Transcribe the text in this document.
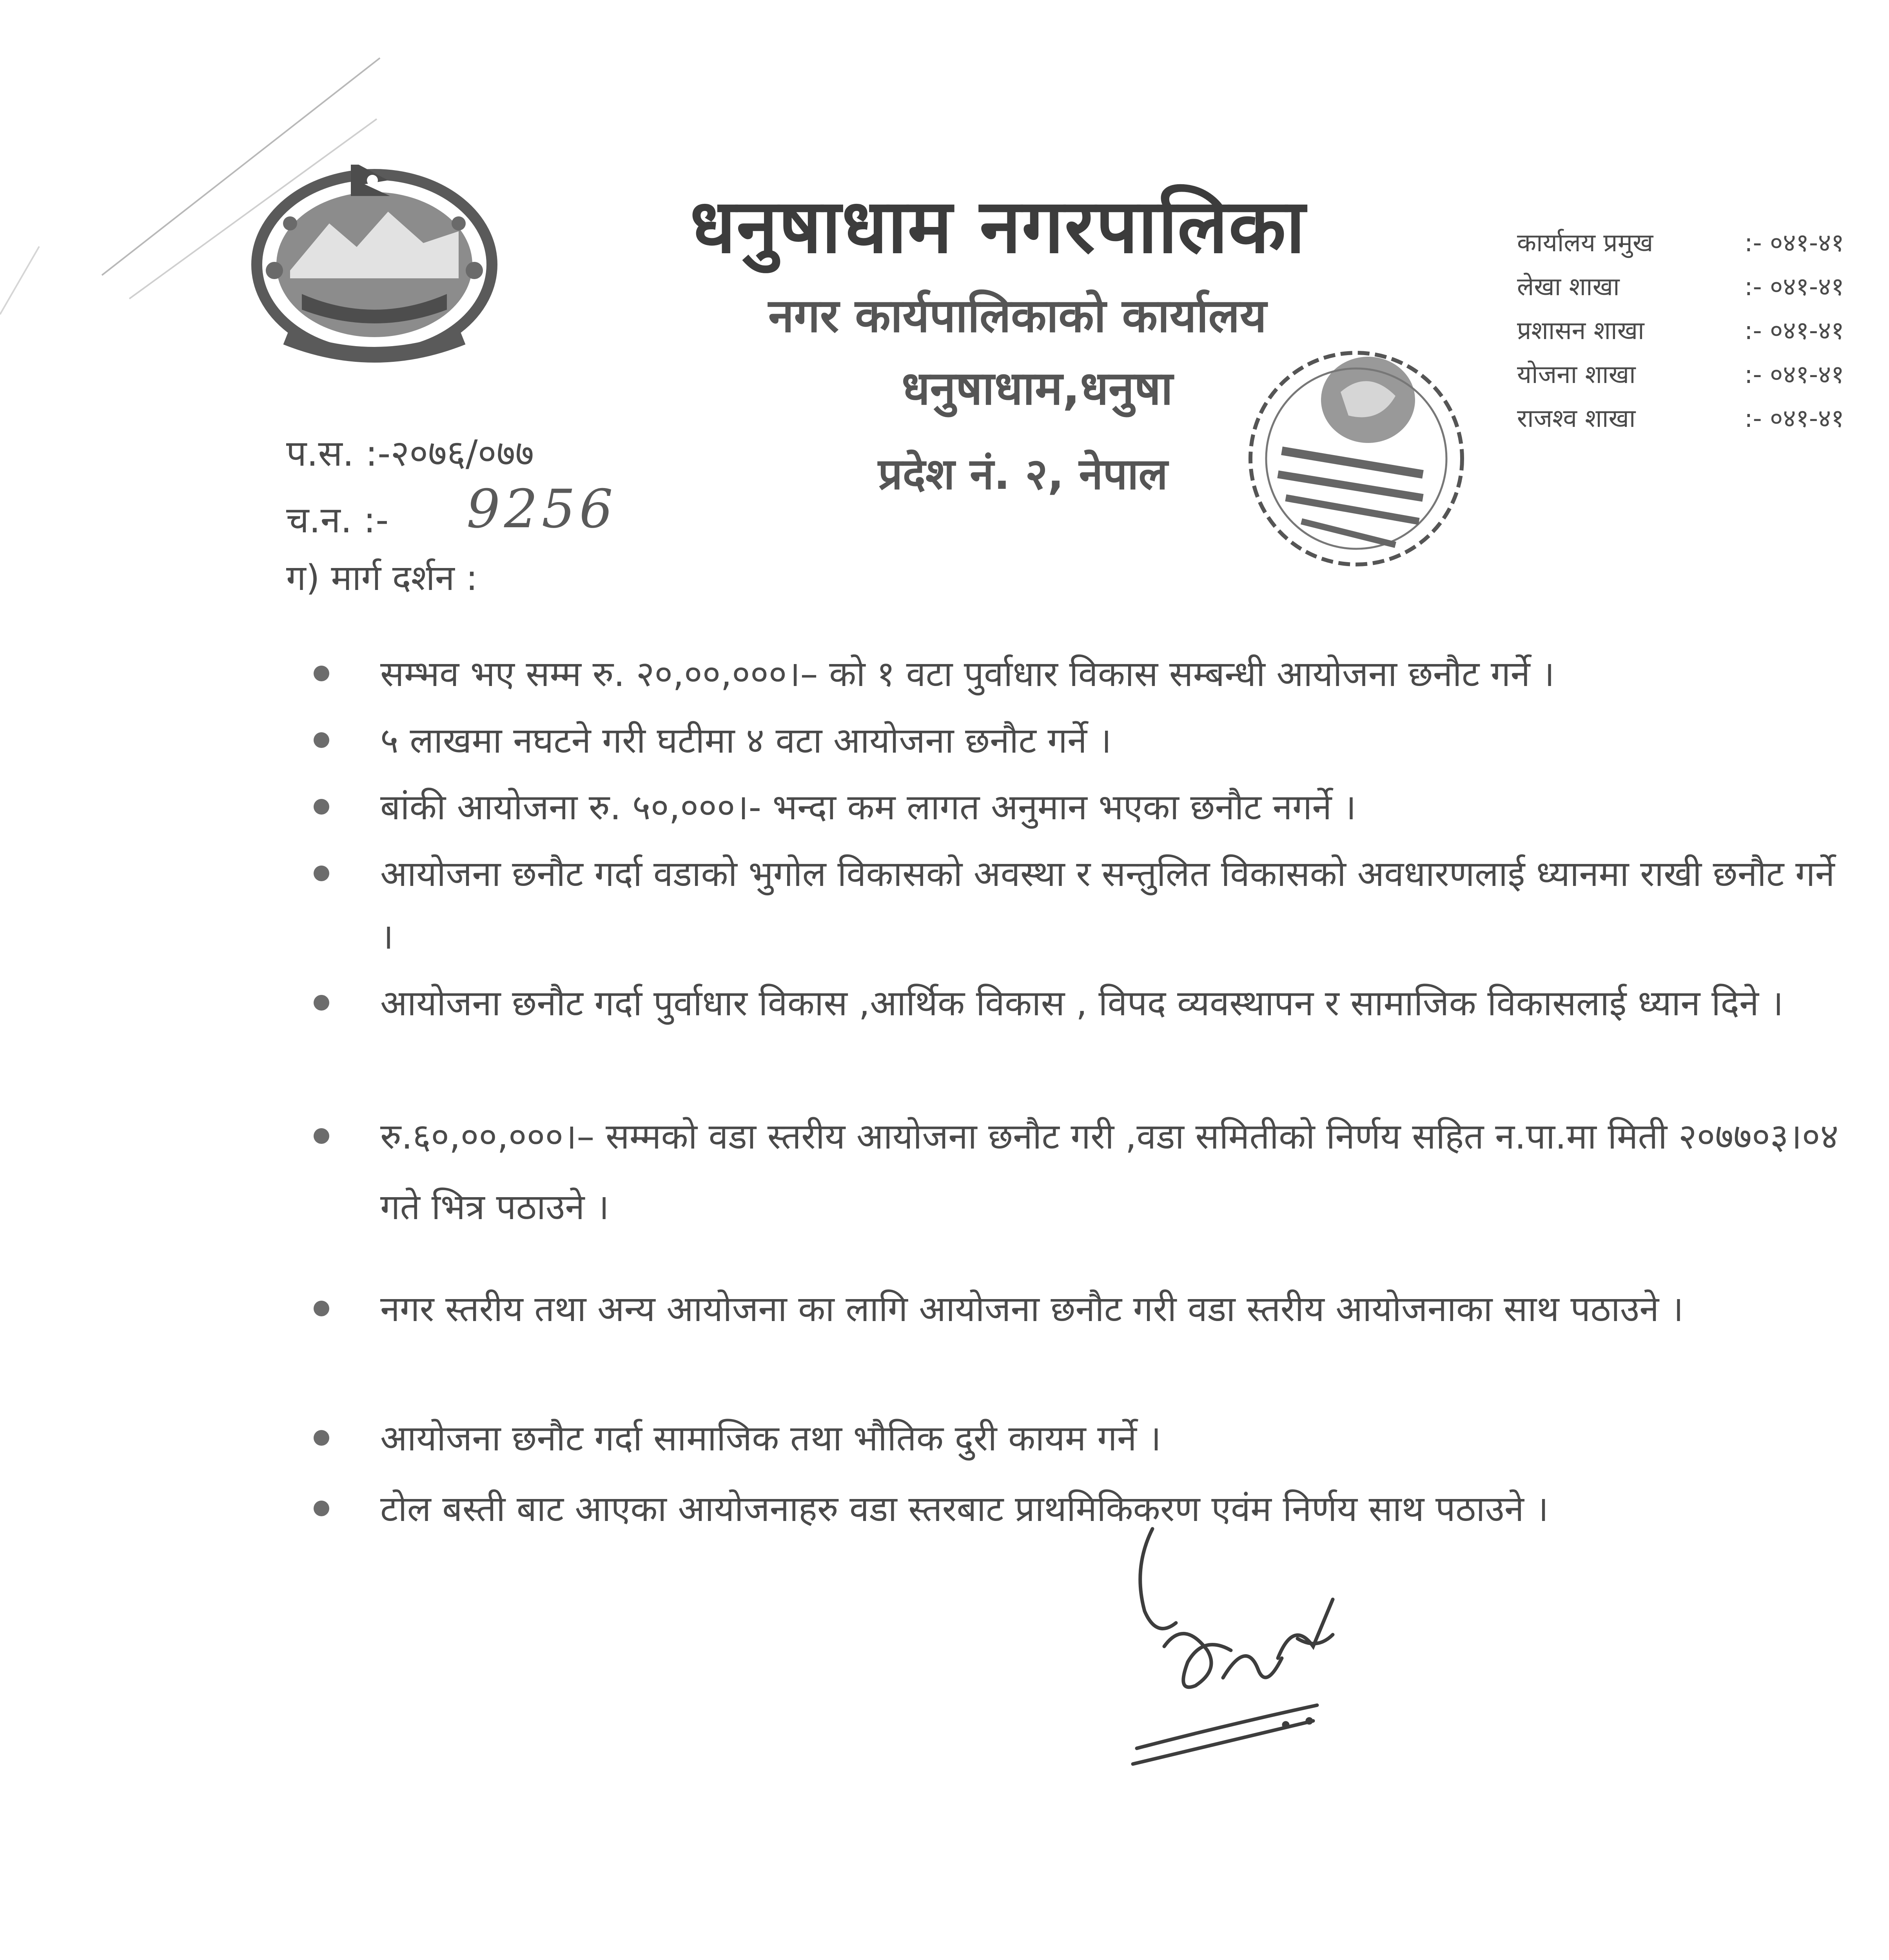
धनुषाधाम नगरपालिका
नगर कार्यपालिकाको कार्यालय
धनुषाधाम,धनुषा
प्रदेश नं. २, नेपाल
कार्यालय प्रमुख	:- ०४१-४१
लेखा शाखा	:- ०४१-४१
प्रशासन शाखा	:- ०४१-४१
योजना शाखा	:- ०४१-४१
राजश्व शाखा	:- ०४१-४१
प.स. :-२०७६/०७७
च.न. :- 9256
ग) मार्ग दर्शन :
सम्भव भए सम्म रु. २०,००,०००।– को १ वटा पुर्वाधार विकास सम्बन्धी आयोजना छनौट गर्ने ।
५ लाखमा नघटने गरी घटीमा ४ वटा आयोजना छनौट गर्ने ।
बांकी आयोजना रु. ५०,०००।- भन्दा कम लागत अनुमान भएका छनौट नगर्ने ।
आयोजना छनौट गर्दा वडाको भुगोल विकासको अवस्था र सन्तुलित विकासको अवधारणलाई ध्यानमा राखी छनौट गर्ने ।
आयोजना छनौट गर्दा पुर्वाधार विकास ,आर्थिक विकास , विपद व्यवस्थापन र सामाजिक विकासलाई ध्यान दिने ।
रु.६०,००,०००।– सम्मको वडा स्तरीय आयोजना छनौट गरी ,वडा समितीको निर्णय सहित न.पा.मा मिती २०७७०३।०४ गते भित्र पठाउने ।
नगर स्तरीय तथा अन्य आयोजना का लागि आयोजना छनौट गरी वडा स्तरीय आयोजनाका साथ पठाउने ।
आयोजना छनौट गर्दा सामाजिक तथा भौतिक दुरी कायम गर्ने ।
टोल बस्ती बाट आएका आयोजनाहरु वडा स्तरबाट प्राथमिकिकरण एवंम निर्णय साथ पठाउने ।
